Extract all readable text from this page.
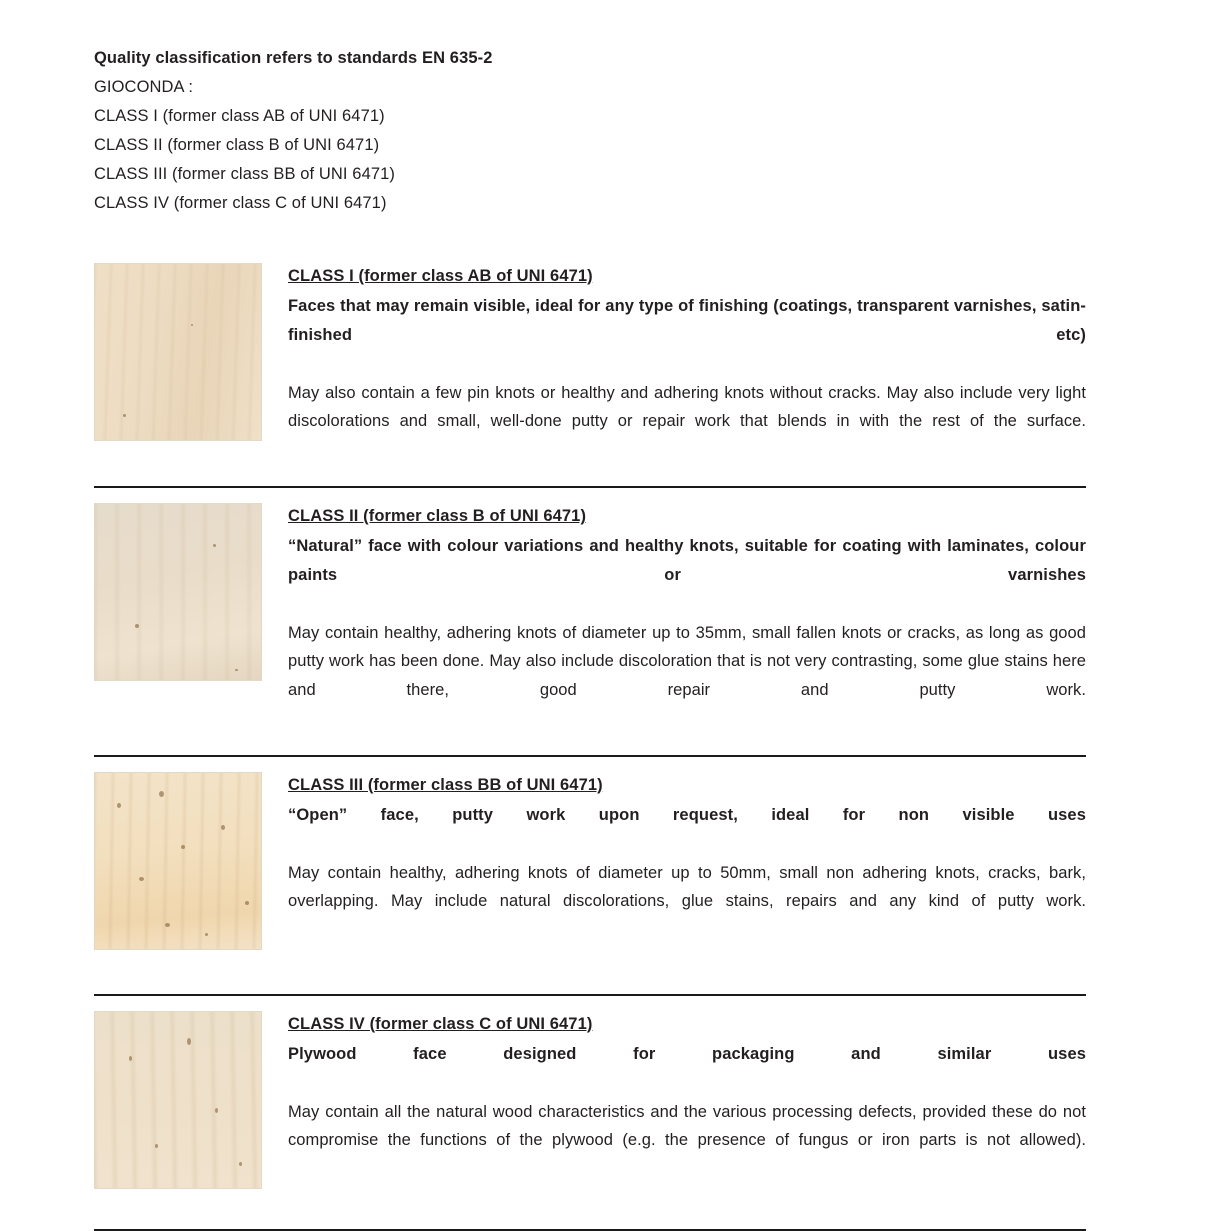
Quality classification refers to standards EN 635-2
GIOCONDA :
CLASS I (former class AB of UNI 6471)
CLASS II (former class B of UNI 6471)
CLASS III (former class BB of UNI 6471)
CLASS IV (former class C of UNI 6471)
CLASS I (former class AB of UNI 6471)
Faces that may remain visible, ideal for any type of finishing (coatings, transparent varnishes, satin-finished etc)
May also contain a few pin knots or healthy and adhering knots without cracks. May also include very light discolorations and small, well-done putty or repair work that blends in with the rest of the surface.
CLASS II (former class B of UNI 6471)
“Natural” face with colour variations and healthy knots, suitable for coating with laminates, colour paints or varnishes
May contain healthy, adhering knots of diameter up to 35mm, small fallen knots or cracks, as long as good putty work has been done. May also include discoloration that is not very contrasting, some glue stains here and there, good repair and putty work.
CLASS III (former class BB of UNI 6471)
“Open” face, putty work upon request, ideal for non visible uses
May contain healthy, adhering knots of diameter up to 50mm, small non adhering knots, cracks, bark, overlapping. May include natural discolorations, glue stains, repairs and any kind of putty work.
CLASS IV (former class C of UNI 6471)
Plywood face designed for packaging and similar uses
May contain all the natural wood characteristics and the various processing defects, provided these do not compromise the functions of the plywood (e.g. the presence of fungus or iron parts is not allowed).
